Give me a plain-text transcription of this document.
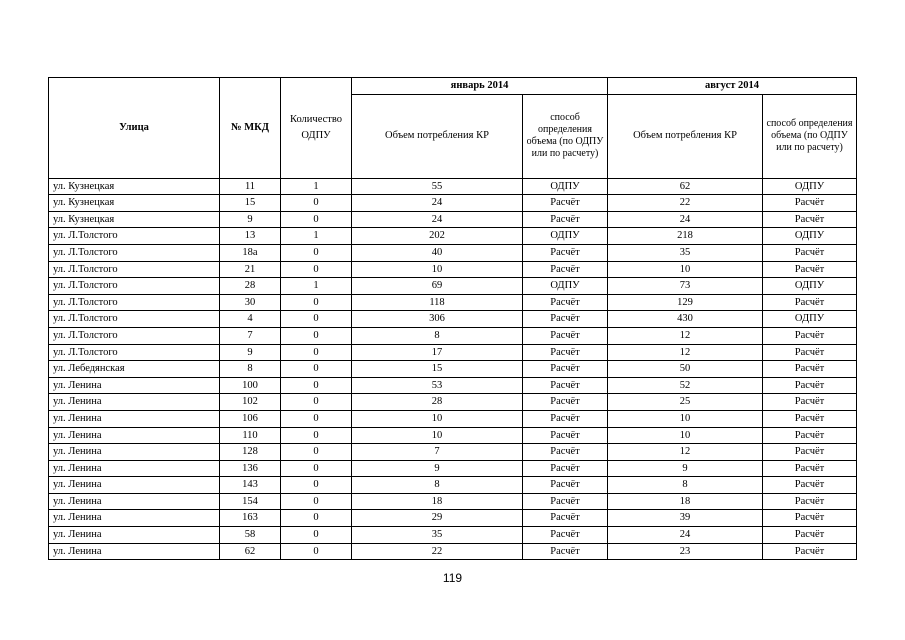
Улица	№ МКД	Количество ОДПУ	январь 2014		август 2014	
			Объем потребления КР	способ определения объема (по ОДПУ или по расчету)	Объем потребления КР	способ определения объема (по ОДПУ или по расчету)
ул. Кузнецкая	11	1	55	ОДПУ	62	ОДПУ
ул. Кузнецкая	15	0	24	Расчёт	22	Расчёт
ул. Кузнецкая	9	0	24	Расчёт	24	Расчёт
ул. Л.Толстого	13	1	202	ОДПУ	218	ОДПУ
ул. Л.Толстого	18а	0	40	Расчёт	35	Расчёт
ул. Л.Толстого	21	0	10	Расчёт	10	Расчёт
ул. Л.Толстого	28	1	69	ОДПУ	73	ОДПУ
ул. Л.Толстого	30	0	118	Расчёт	129	Расчёт
ул. Л.Толстого	4	0	306	Расчёт	430	ОДПУ
ул. Л.Толстого	7	0	8	Расчёт	12	Расчёт
ул. Л.Толстого	9	0	17	Расчёт	12	Расчёт
ул. Лебедянская	8	0	15	Расчёт	50	Расчёт
ул. Ленина	100	0	53	Расчёт	52	Расчёт
ул. Ленина	102	0	28	Расчёт	25	Расчёт
ул. Ленина	106	0	10	Расчёт	10	Расчёт
ул. Ленина	110	0	10	Расчёт	10	Расчёт
ул. Ленина	128	0	7	Расчёт	12	Расчёт
ул. Ленина	136	0	9	Расчёт	9	Расчёт
ул. Ленина	143	0	8	Расчёт	8	Расчёт
ул. Ленина	154	0	18	Расчёт	18	Расчёт
ул. Ленина	163	0	29	Расчёт	39	Расчёт
ул. Ленина	58	0	35	Расчёт	24	Расчёт
ул. Ленина	62	0	22	Расчёт	23	Расчёт
119
